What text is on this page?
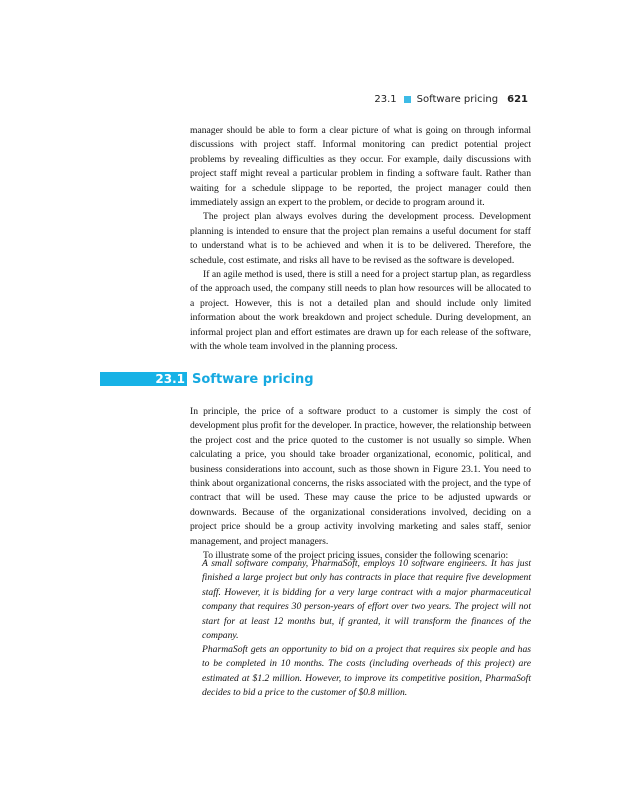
23.1 Software pricing 621

manager should be able to form a clear picture of what is going on through informal discussions with project staff. Informal monitoring can predict potential project problems by revealing difficulties as they occur. For example, daily discussions with project staff might reveal a particular problem in finding a software fault. Rather than waiting for a schedule slippage to be reported, the project manager could then immediately assign an expert to the problem, or decide to program around it.

The project plan always evolves during the development process. Development planning is intended to ensure that the project plan remains a useful document for staff to understand what is to be achieved and when it is to be delivered. Therefore, the schedule, cost estimate, and risks all have to be revised as the software is developed.

If an agile method is used, there is still a need for a project startup plan, as regardless of the approach used, the company still needs to plan how resources will be allocated to a project. However, this is not a detailed plan and should include only limited information about the work breakdown and project schedule. During development, an informal project plan and effort estimates are drawn up for each release of the software, with the whole team involved in the planning process.

23.1 Software pricing

In principle, the price of a software product to a customer is simply the cost of development plus profit for the developer. In practice, however, the relationship between the project cost and the price quoted to the customer is not usually so simple. When calculating a price, you should take broader organizational, economic, political, and business considerations into account, such as those shown in Figure 23.1. You need to think about organizational concerns, the risks associated with the project, and the type of contract that will be used. These may cause the price to be adjusted upwards or downwards. Because of the organizational considerations involved, deciding on a project price should be a group activity involving marketing and sales staff, senior management, and project managers.

To illustrate some of the project pricing issues, consider the following scenario:

A small software company, PharmaSoft, employs 10 software engineers. It has just finished a large project but only has contracts in place that require five development staff. However, it is bidding for a very large contract with a major pharmaceutical company that requires 30 person-years of effort over two years. The project will not start for at least 12 months but, if granted, it will transform the finances of the company.

PharmaSoft gets an opportunity to bid on a project that requires six people and has to be completed in 10 months. The costs (including overheads of this project) are estimated at $1.2 million. However, to improve its competitive position, PharmaSoft decides to bid a price to the customer of $0.8 million.
